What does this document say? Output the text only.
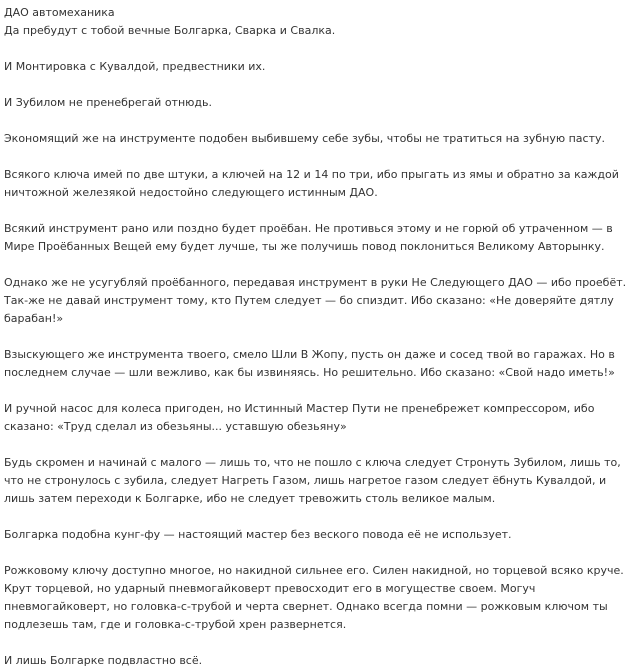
ДАО автомеханика

Да пребудут с тобой вечные Болгарка, Сварка и Свалка.

И Монтировка с Кувалдой, предвестники их.

И Зубилом не пренебрегай отнюдь.

Экономящий же на инструменте подобен выбившему себе зубы, чтобы не тратиться на зубную пасту.

Всякого ключа имей по две штуки, а ключей на 12 и 14 по три, ибо прыгать из ямы и обратно за каждой ничтожной железякой недостойно следующего истинным ДАО.

Всякий инструмент рано или поздно будет проёбан. Не противься этому и не горюй об утраченном — в Мире Проёбанных Вещей ему будет лучше, ты же получишь повод поклониться Великому Авторынку.

Однако же не усугубляй проёбанного, передавая инструмент в руки Не Следующего ДАО — ибо проебёт. Так-же не давай инструмент тому, кто Путем следует — бо спиздит. Ибо сказано: «Не доверяйте дятлу барабан!»

Взыскующего же инструмента твоего, смело Шли В Жопу, пусть он даже и сосед твой во гаражах. Но в последнем случае — шли вежливо, как бы извиняясь. Но решительно. Ибо сказано: «Свой надо иметь!»

И ручной насос для колеса пригоден, но Истинный Мастер Пути не пренебрежет компрессором, ибо сказано: «Труд сделал из обезьяны... уставшую обезьяну»

Будь скромен и начинай с малого — лишь то, что не пошло с ключа следует Стронуть Зубилом, лишь то, что не стронулось с зубила, следует Нагреть Газом, лишь нагретое газом следует ёбнуть Кувалдой, и лишь затем переходи к Болгарке, ибо не следует тревожить столь великое малым.

Болгарка подобна кунг-фу — настоящий мастер без веского повода её не использует.

Рожковому ключу доступно многое, но накидной сильнее его. Силен накидной, но торцевой всяко круче. Крут торцевой, но ударный пневмогайковерт превосходит его в могуществе своем. Могуч пневмогайковерт, но головка-с-трубой и черта свернет. Однако всегда помни — рожковым ключом ты подлезешь там, где и головка-с-трубой хрен развернется.

И лишь Болгарке подвластно всё.
